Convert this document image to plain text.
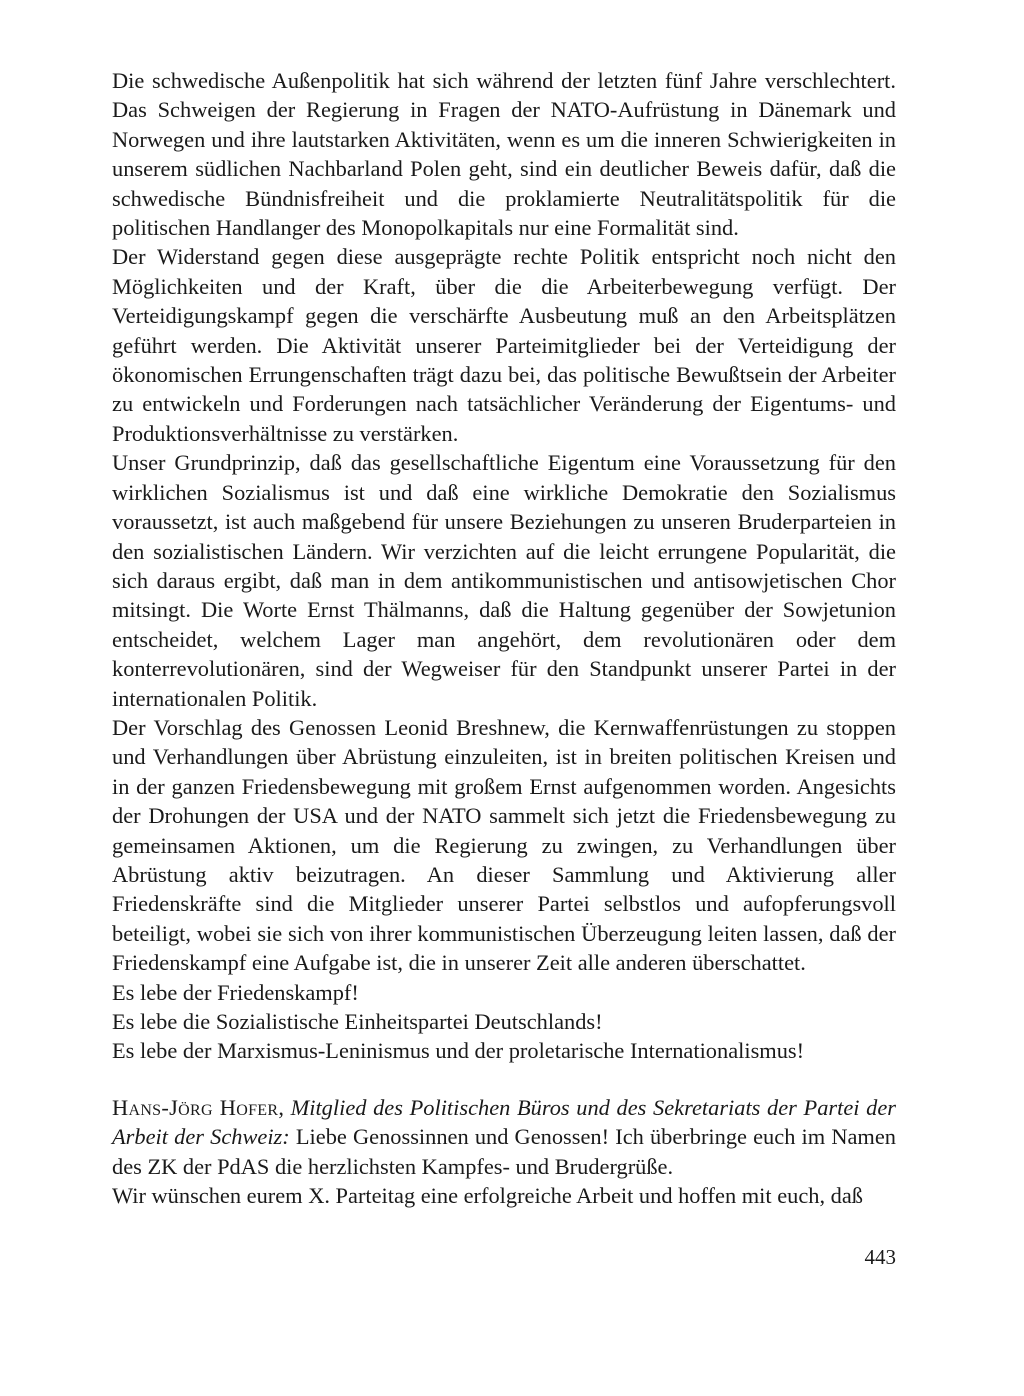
Die schwedische Außenpolitik hat sich während der letzten fünf Jahre verschlechtert. Das Schweigen der Regierung in Fragen der NATO-Aufrüstung in Dänemark und Norwegen und ihre lautstarken Aktivitäten, wenn es um die inneren Schwierigkeiten in unserem südlichen Nachbarland Polen geht, sind ein deutlicher Beweis dafür, daß die schwedische Bündnisfreiheit und die proklamierte Neutralitätspolitik für die politischen Handlanger des Monopolkapitals nur eine Formalität sind.

Der Widerstand gegen diese ausgeprägte rechte Politik entspricht noch nicht den Möglichkeiten und der Kraft, über die die Arbeiterbewegung verfügt. Der Verteidigungskampf gegen die verschärfte Ausbeutung muß an den Arbeitsplätzen geführt werden. Die Aktivität unserer Parteimitglieder bei der Verteidigung der ökonomischen Errungenschaften trägt dazu bei, das politische Bewußtsein der Arbeiter zu entwickeln und Forderungen nach tatsächlicher Veränderung der Eigentums- und Produktionsverhältnisse zu verstärken.

Unser Grundprinzip, daß das gesellschaftliche Eigentum eine Voraussetzung für den wirklichen Sozialismus ist und daß eine wirkliche Demokratie den Sozialismus voraussetzt, ist auch maßgebend für unsere Beziehungen zu unseren Bruderparteien in den sozialistischen Ländern. Wir verzichten auf die leicht errungene Popularität, die sich daraus ergibt, daß man in dem antikommunistischen und antisowjetischen Chor mitsingt. Die Worte Ernst Thälmanns, daß die Haltung gegenüber der Sowjetunion entscheidet, welchem Lager man angehört, dem revolutionären oder dem konterrevolutionären, sind der Wegweiser für den Standpunkt unserer Partei in der internationalen Politik.

Der Vorschlag des Genossen Leonid Breshnew, die Kernwaffenrüstungen zu stoppen und Verhandlungen über Abrüstung einzuleiten, ist in breiten politischen Kreisen und in der ganzen Friedensbewegung mit großem Ernst aufgenommen worden. Angesichts der Drohungen der USA und der NATO sammelt sich jetzt die Friedensbewegung zu gemeinsamen Aktionen, um die Regierung zu zwingen, zu Verhandlungen über Abrüstung aktiv beizutragen. An dieser Sammlung und Aktivierung aller Friedenskräfte sind die Mitglieder unserer Partei selbstlos und aufopferungsvoll beteiligt, wobei sie sich von ihrer kommunistischen Überzeugung leiten lassen, daß der Friedenskampf eine Aufgabe ist, die in unserer Zeit alle anderen überschattet.

Es lebe der Friedenskampf!

Es lebe die Sozialistische Einheitspartei Deutschlands!

Es lebe der Marxismus-Leninismus und der proletarische Internationalismus!

Hans-Jörg Hofer, Mitglied des Politischen Büros und des Sekretariats der Partei der Arbeit der Schweiz: Liebe Genossinnen und Genossen! Ich überbringe euch im Namen des ZK der PdAS die herzlichsten Kampfes- und Brudergrüße.

Wir wünschen eurem X. Parteitag eine erfolgreiche Arbeit und hoffen mit euch, daß

443
